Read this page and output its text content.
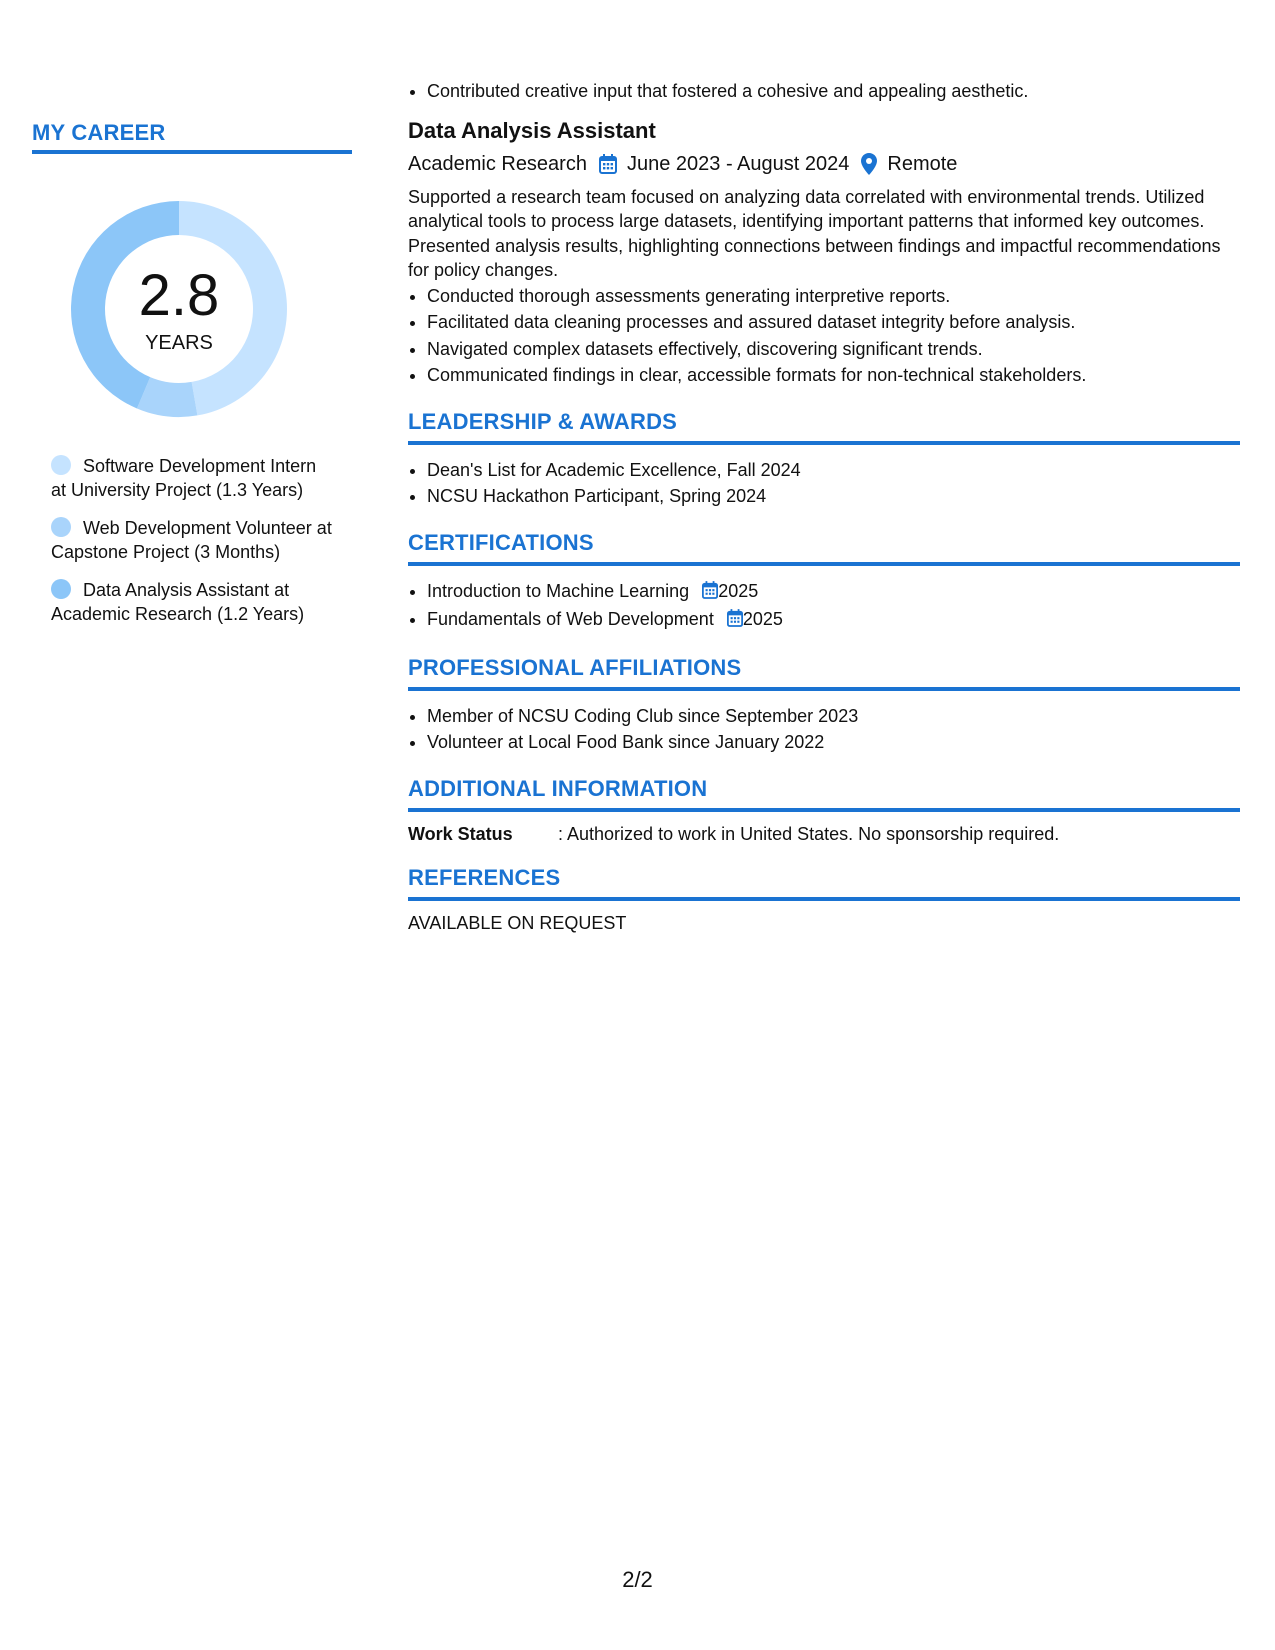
MY CAREER
2.8
YEARS
Software Development Intern at University Project (1.3 Years)
Web Development Volunteer at Capstone Project (3 Months)
Data Analysis Assistant at Academic Research (1.2 Years)
• Contributed creative input that fostered a cohesive and appealing aesthetic.
Data Analysis Assistant
Academic Research June 2023 - August 2024 Remote
Supported a research team focused on analyzing data correlated with environmental trends. Utilized analytical tools to process large datasets, identifying important patterns that informed key outcomes. Presented analysis results, highlighting connections between findings and impactful recommendations for policy changes.
• Conducted thorough assessments generating interpretive reports.
• Facilitated data cleaning processes and assured dataset integrity before analysis.
• Navigated complex datasets effectively, discovering significant trends.
• Communicated findings in clear, accessible formats for non-technical stakeholders.
LEADERSHIP & AWARDS
• Dean's List for Academic Excellence, Fall 2024
• NCSU Hackathon Participant, Spring 2024
CERTIFICATIONS
• Introduction to Machine Learning 2025
• Fundamentals of Web Development 2025
PROFESSIONAL AFFILIATIONS
• Member of NCSU Coding Club since September 2023
• Volunteer at Local Food Bank since January 2022
ADDITIONAL INFORMATION
Work Status	: Authorized to work in United States. No sponsorship required.
REFERENCES
AVAILABLE ON REQUEST
2/2
